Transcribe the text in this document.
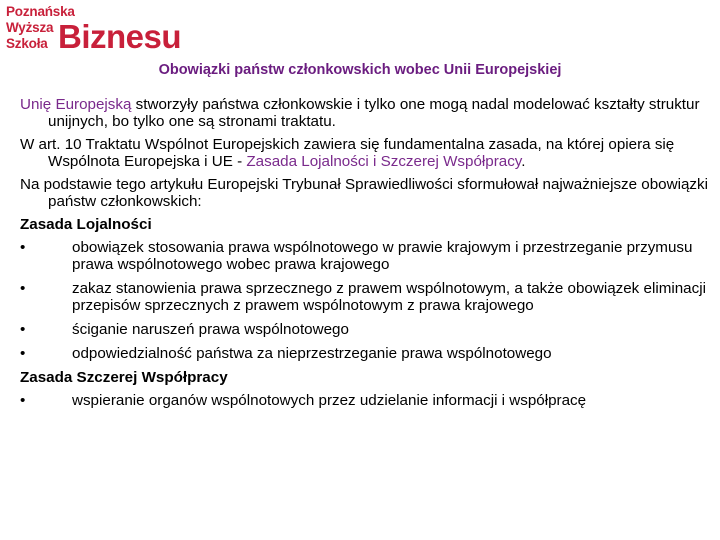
Poznańska
Wyższa
Szkoła Biznesu
Obowiązki państw członkowskich wobec Unii Europejskiej

Unię Europejską stworzyły państwa członkowskie i tylko one mogą nadal modelować kształty struktur unijnych, bo tylko one są stronami traktatu.

W art. 10 Traktatu Wspólnot Europejskich zawiera się fundamentalna zasada, na której opiera się Wspólnota Europejska i UE - Zasada Lojalności i Szczerej Współpracy.

Na podstawie tego artykułu Europejski Trybunał Sprawiedliwości sformułował najważniejsze obowiązki państw członkowskich:

Zasada Lojalności
•	obowiązek stosowania prawa wspólnotowego w prawie krajowym i przestrzeganie przymusu prawa wspólnotowego wobec prawa krajowego
•	zakaz stanowienia prawa sprzecznego z prawem wspólnotowym, a także obowiązek eliminacji przepisów sprzecznych z prawem wspólnotowym z prawa krajowego
•	ściganie naruszeń prawa wspólnotowego
•	odpowiedzialność państwa za nieprzestrzeganie prawa wspólnotowego
Zasada Szczerej Współpracy
•	wspieranie organów wspólnotowych przez udzielanie informacji i współpracę
